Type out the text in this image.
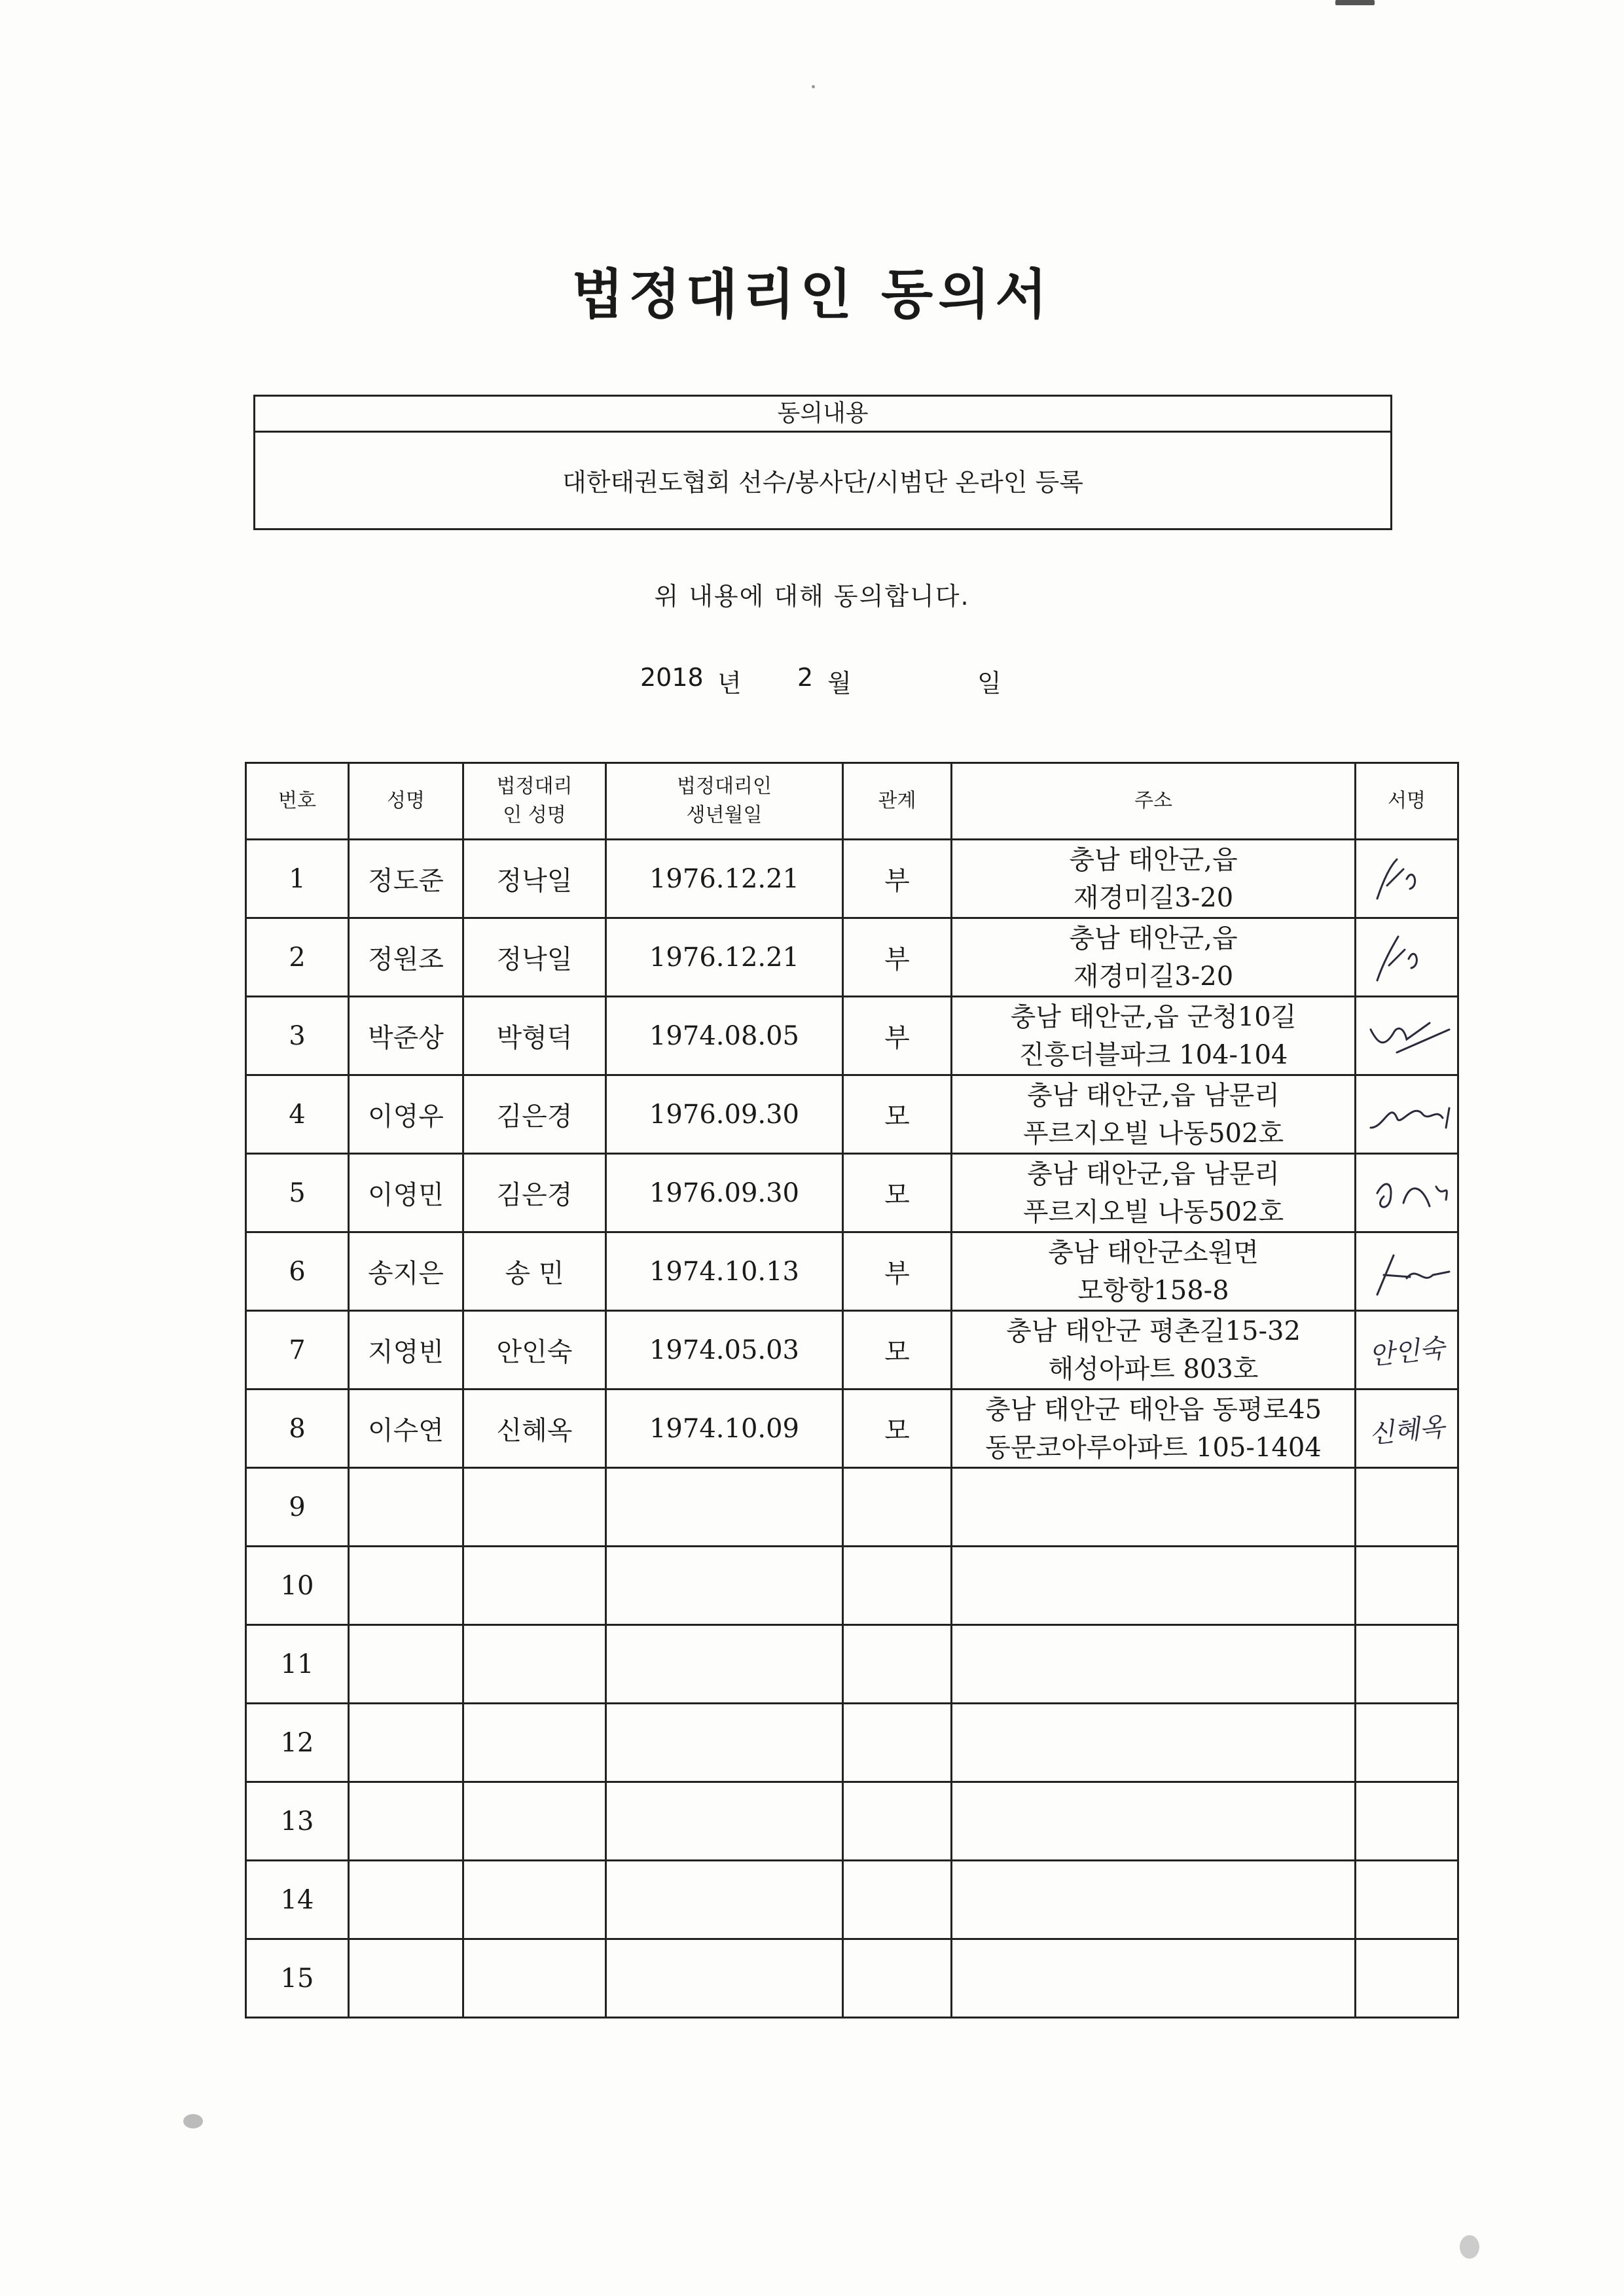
법정대리인 동의서
동의내용
대한태권도협회 선수/봉사단/시범단 온라인 등록
위 내용에 대해 동의합니다.
2018 년 2 월	일
번호	성명	법정대리인 성명	법정대리인 생년월일	관계	주소	서명
1	정도준	정낙일	1976.12.21	부	충남 태안군,읍
재경미길3-20

2	정원조	정낙일	1976.12.21	부	충남 태안군,읍
재경미길3-20

3	박준상	박형덕	1974.08.05	부	충남 태안군,읍 군청10길
진흥더블파크 104-104

4	이영우	김은경	1976.09.30	모	충남 태안군,읍 남문리
푸르지오빌 나동502호

5	이영민	김은경	1976.09.30	모	충남 태안군,읍 남문리
푸르지오빌 나동502호

6	송지은	송 민	1974.10.13	부	충남 태안군소원면
모항항158-8

7	지영빈	안인숙	1974.05.03	모	충남 태안군 평촌길15-32
해성아파트 803호	안인숙
8	이수연	신혜옥	1974.10.09	모	충남 태안군 태안읍 동평로45
동문코아루아파트 105-1404	신혜옥
9					

10					

11					

12					

13					

14					

15					
